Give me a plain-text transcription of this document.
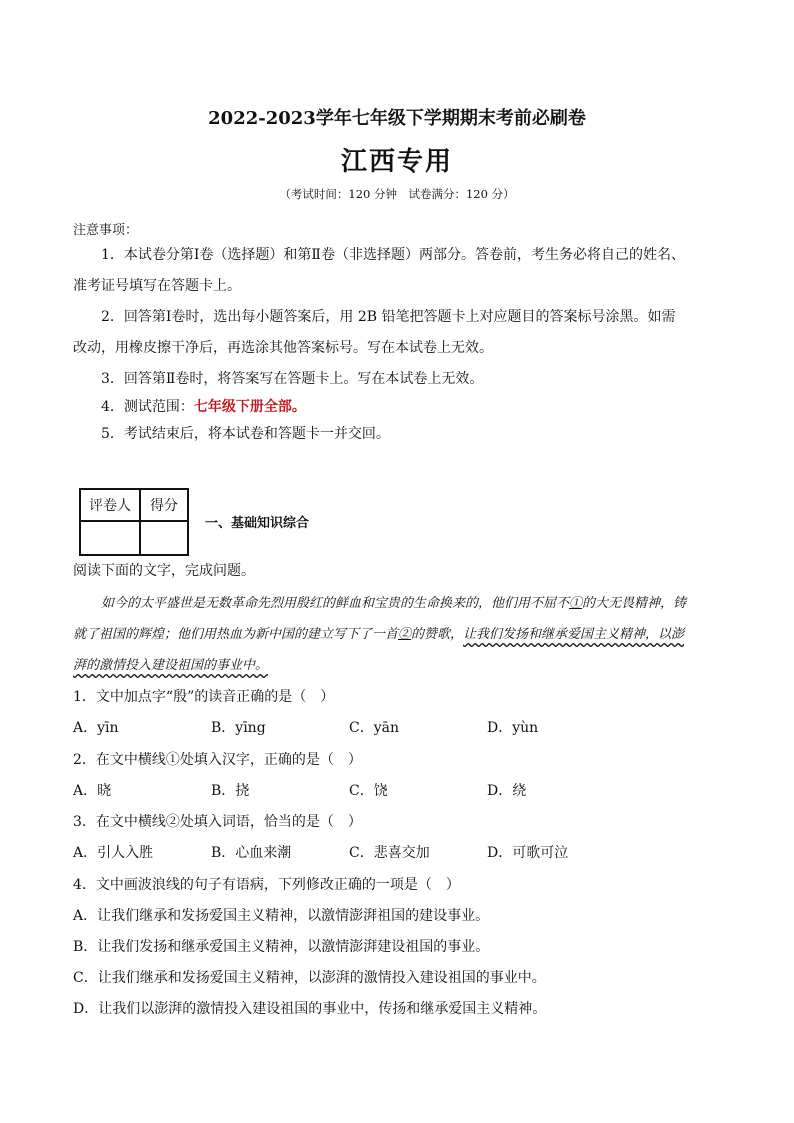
2022-2023学年七年级下学期期末考前必刷卷
江西专用
（考试时间：120 分钟　试卷满分：120 分）
注意事项：
1．本试卷分第Ⅰ卷（选择题）和第Ⅱ卷（非选择题）两部分。答卷前，考生务必将自己的姓名、准考证号填写在答题卡上。
2．回答第Ⅰ卷时，选出每小题答案后，用 2B 铅笔把答题卡上对应题目的答案标号涂黑。如需改动，用橡皮擦干净后，再选涂其他答案标号。写在本试卷上无效。
3．回答第Ⅱ卷时，将答案写在答题卡上。写在本试卷上无效。
4．测试范围：七年级下册全部。
5．考试结束后，将本试卷和答题卡一并交回。
评卷人	得分

一、基础知识综合
阅读下面的文字，完成问题。
如今的太平盛世是无数革命先烈用殷红的鲜血和宝贵的生命换来的，他们用不屈不①的大无畏精神，铸就了祖国的辉煌；他们用热血为新中国的建立写下了一首②的赞歌，让我们发扬和继承爱国主义精神，以澎湃的激情投入建设祖国的事业中。
1．文中加点字“殷”的读音正确的是（　）
A．yīn	B．yīng	C．yān	D．yùn
2．在文中横线①处填入汉字，正确的是（　）
A．晓	B．挠	C．饶	D．绕
3．在文中横线②处填入词语，恰当的是（　）
A．引人入胜	B．心血来潮	C．悲喜交加	D．可歌可泣
4．文中画波浪线的句子有语病，下列修改正确的一项是（　）
A．让我们继承和发扬爱国主义精神，以激情澎湃祖国的建设事业。
B．让我们发扬和继承爱国主义精神，以激情澎湃建设祖国的事业。
C．让我们继承和发扬爱国主义精神，以澎湃的激情投入建设祖国的事业中。
D．让我们以澎湃的激情投入建设祖国的事业中，传扬和继承爱国主义精神。
